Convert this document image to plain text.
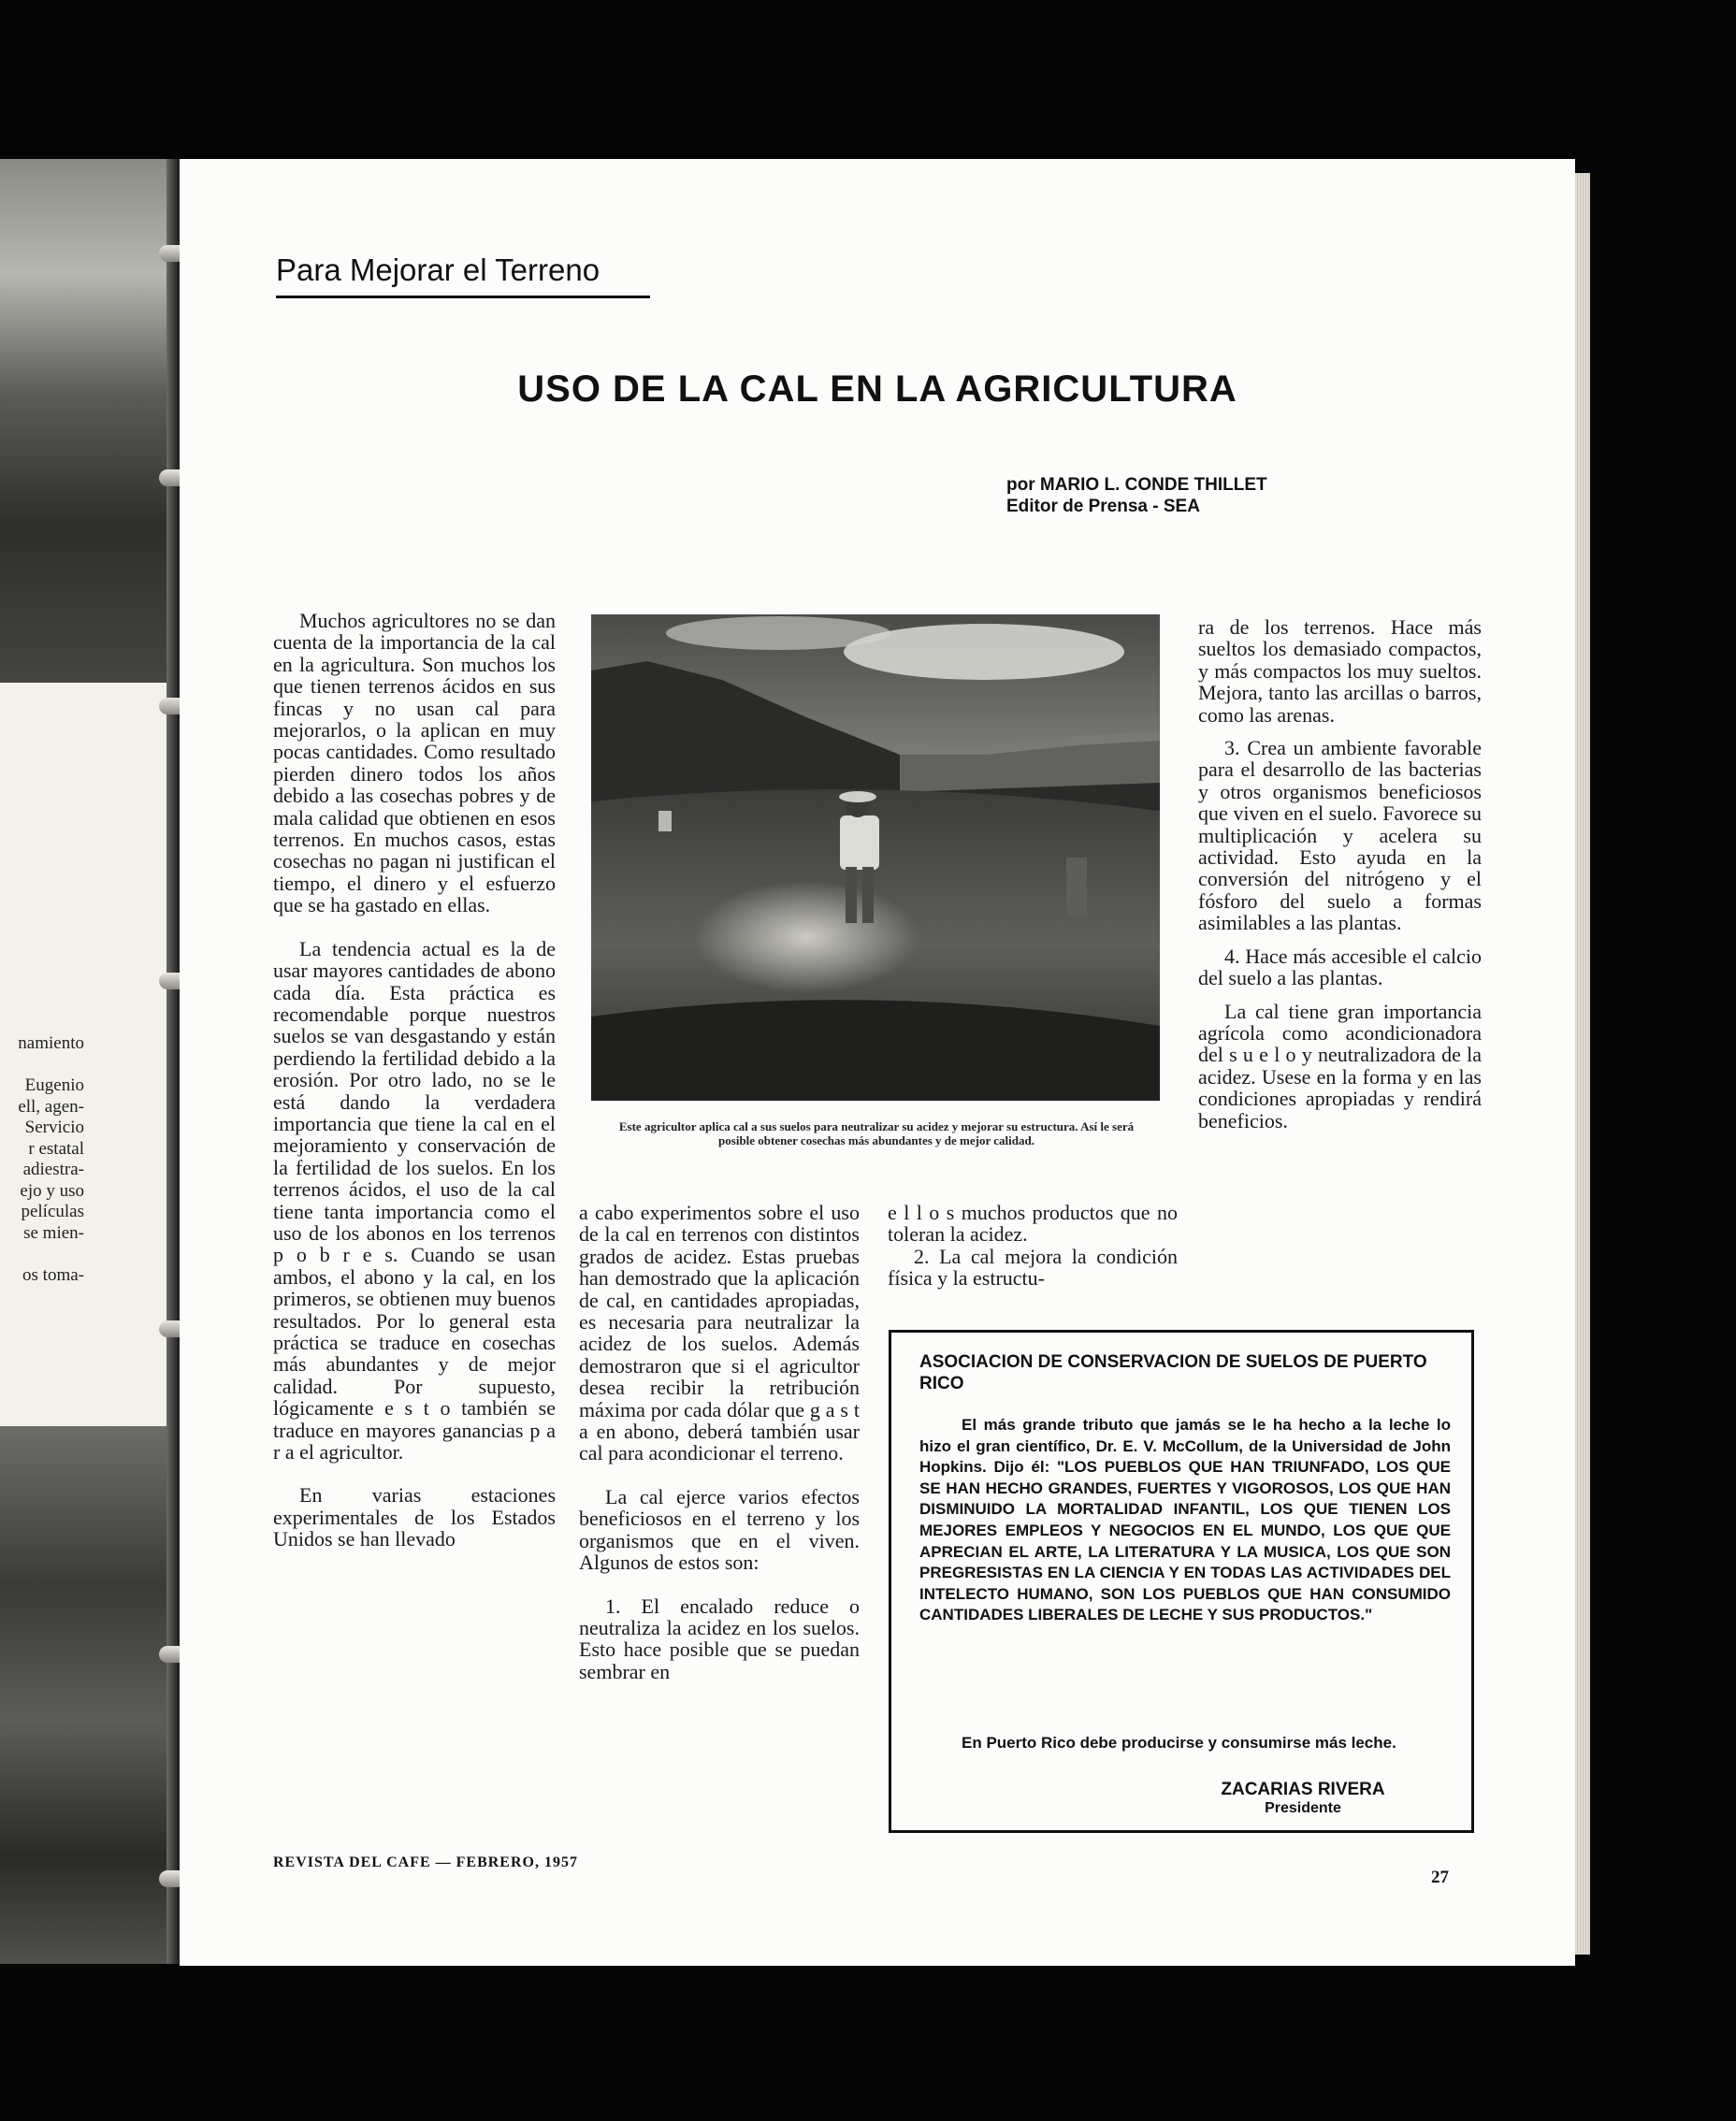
namiento

Eugenio
ell, agen-
Servicio
r estatal
adiestra-
ejo y uso
películas
se mien-

os toma-
Para Mejorar el Terreno
USO DE LA CAL EN LA AGRICULTURA
por MARIO L. CONDE THILLET
Editor de Prensa - SEA

Muchos agricultores no se dan cuenta de la importancia de la cal en la agricultura. Son muchos los que tienen terrenos ácidos en sus fincas y no usan cal para mejorarlos, o la aplican en muy pocas cantidades. Como resultado pierden dinero todos los años debido a las cosechas pobres y de mala calidad que obtienen en esos terrenos. En muchos casos, estas cosechas no pagan ni justifican el tiempo, el dinero y el esfuerzo que se ha gastado en ellas.

La tendencia actual es la de usar mayores cantidades de abono cada día. Esta práctica es recomendable porque nuestros suelos se van desgastando y están perdiendo la fertilidad debido a la erosión. Por otro lado, no se le está dando la verdadera importancia que tiene la cal en el mejoramiento y conservación de la fertilidad de los suelos. En los terrenos ácidos, el uso de la cal tiene tanta importancia como el uso de los abonos en los terrenos p o b r e s. Cuando se usan ambos, el abono y la cal, en los primeros, se obtienen muy buenos resultados. Por lo general esta práctica se traduce en cosechas más abundantes y de mejor calidad. Por supuesto, lógicamente e s t o también se traduce en mayores ganancias p a r a el agricultor.

En varias estaciones experimentales de los Estados Unidos se han llevado

Este agricultor aplica cal a sus suelos para neutralizar su acidez y mejorar su estructura. Así le será posible obtener cosechas más abundantes y de mejor calidad.

a cabo experimentos sobre el uso de la cal en terrenos con distintos grados de acidez. Estas pruebas han demostrado que la aplicación de cal, en cantidades apropiadas, es necesaria para neutralizar la acidez de los suelos. Además demostraron que si el agricultor desea recibir la retribución máxima por cada dólar que g a s t a en abono, deberá también usar cal para acondicionar el terreno.

La cal ejerce varios efectos beneficiosos en el terreno y los organismos que en el viven. Algunos de estos son:

1. El encalado reduce o neutraliza la acidez en los suelos. Esto hace posible que se puedan sembrar en

e l l o s muchos productos que no toleran la acidez.

2. La cal mejora la condición física y la estructu-

ra de los terrenos. Hace más sueltos los demasiado compactos, y más compactos los muy sueltos. Mejora, tanto las arcillas o barros, como las arenas.

3. Crea un ambiente favorable para el desarrollo de las bacterias y otros organismos beneficiosos que viven en el suelo. Favorece su multiplicación y acelera su actividad. Esto ayuda en la conversión del nitrógeno y el fósforo del suelo a formas asimilables a las plantas.

4. Hace más accesible el calcio del suelo a las plantas.

La cal tiene gran importancia agrícola como acondicionadora del s u e l o y neutralizadora de la acidez. Usese en la forma y en las condiciones apropiadas y rendirá beneficios.

ASOCIACION DE CONSERVACION DE SUELOS DE PUERTO RICO
El más grande tributo que jamás se le ha hecho a la leche lo hizo el gran científico, Dr. E. V. McCollum, de la Universidad de John Hopkins. Dijo él: "LOS PUEBLOS QUE HAN TRIUNFADO, LOS QUE SE HAN HECHO GRANDES, FUERTES Y VIGOROSOS, LOS QUE HAN DISMINUIDO LA MORTALIDAD INFANTIL, LOS QUE TIENEN LOS MEJORES EMPLEOS Y NEGOCIOS EN EL MUNDO, LOS QUE QUE APRECIAN EL ARTE, LA LITERATURA Y LA MUSICA, LOS QUE SON PREGRESISTAS EN LA CIENCIA Y EN TODAS LAS ACTIVIDADES DEL INTELECTO HUMANO, SON LOS PUEBLOS QUE HAN CONSUMIDO CANTIDADES LIBERALES DE LECHE Y SUS PRODUCTOS."
En Puerto Rico debe producirse y consumirse más leche.
ZACARIAS RIVERA
Presidente
REVISTA DEL CAFE — FEBRERO, 1957
27
